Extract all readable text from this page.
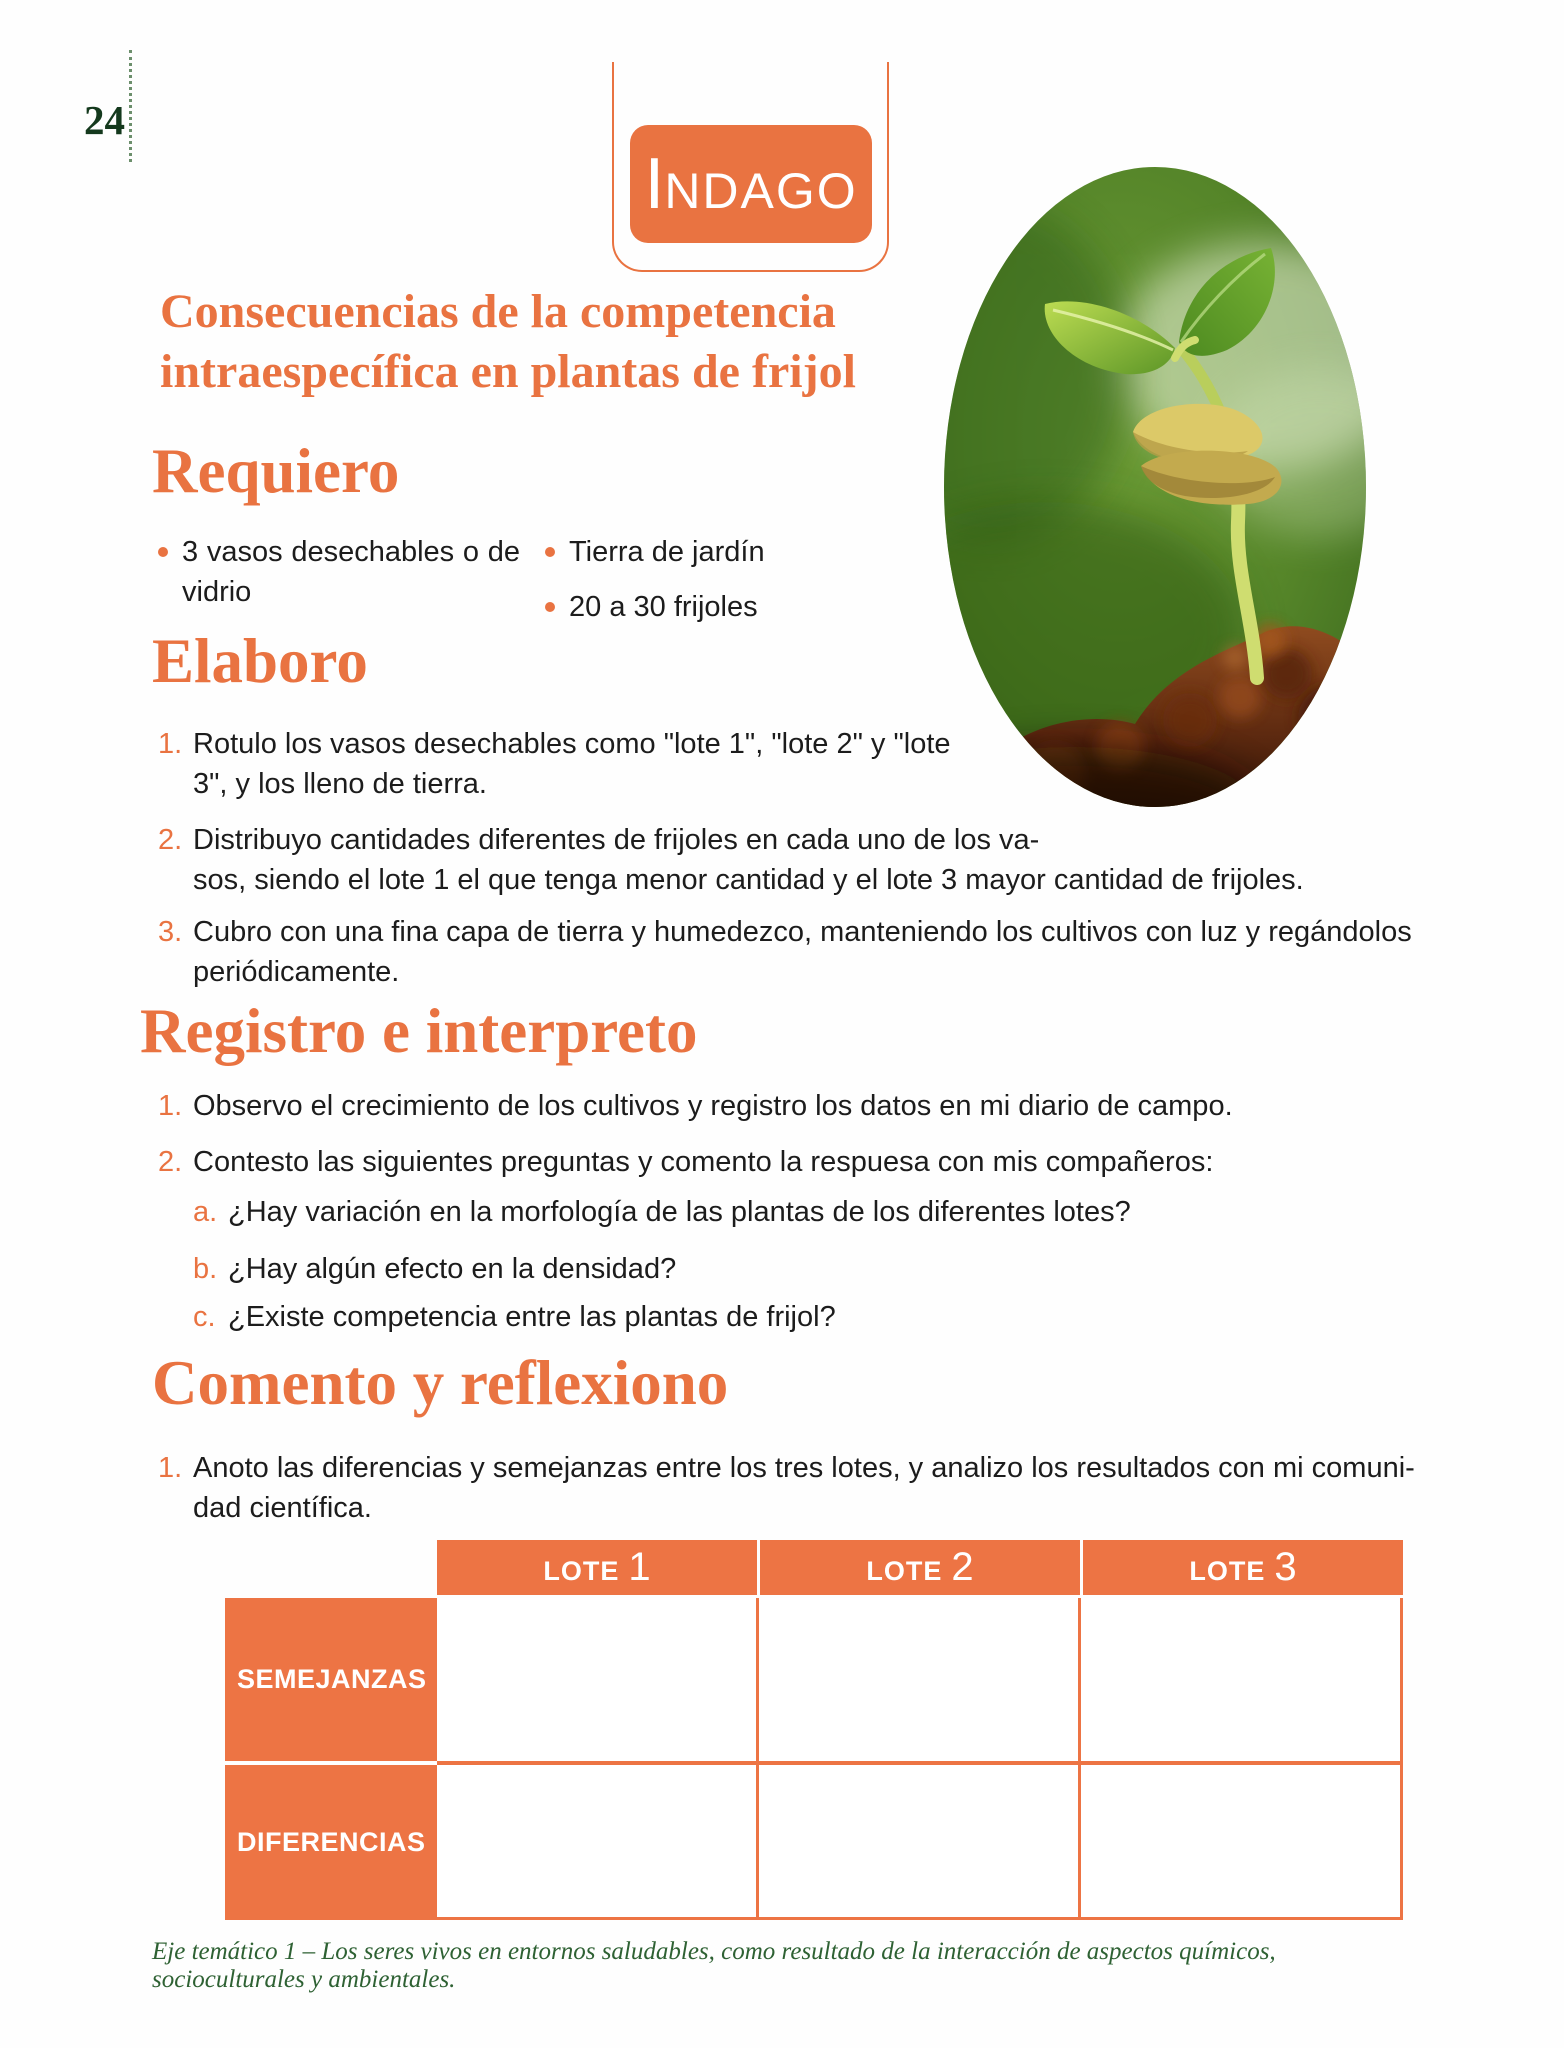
24
I NDAGO
Consecuencias de la competencia
intraespecífica en plantas de frijol
Requiero
3 vasos desechables o de vidrio
Tierra de jardín
20 a 30 frijoles
Elaboro
1. Rotulo los vasos desechables como "lote 1", "lote 2" y "lote
3", y los lleno de tierra.
2. Distribuyo cantidades diferentes de frijoles en cada uno de los va-
sos, siendo el lote 1 el que tenga menor cantidad y el lote 3 mayor cantidad de frijoles.
3. Cubro con una fina capa de tierra y humedezco, manteniendo los cultivos con luz y regándolos
periódicamente.
Registro e interpreto
1. Observo el crecimiento de los cultivos y registro los datos en mi diario de campo.
2. Contesto las siguientes preguntas y comento la respuesa con mis compañeros:
a. ¿Hay variación en la morfología de las plantas de los diferentes lotes?
b. ¿Hay algún efecto en la densidad?
c. ¿Existe competencia entre las plantas de frijol?
Comento y reflexiono
1. Anoto las diferencias y semejanzas entre los tres lotes, y analizo los resultados con mi comuni-
dad científica.
LOTE 1	LOTE 2	LOTE 3
SEMEJANZAS
DIFERENCIAS
Eje temático 1 – Los seres vivos en entornos saludables, como resultado de la interacción de aspectos químicos, socioculturales y ambientales.
